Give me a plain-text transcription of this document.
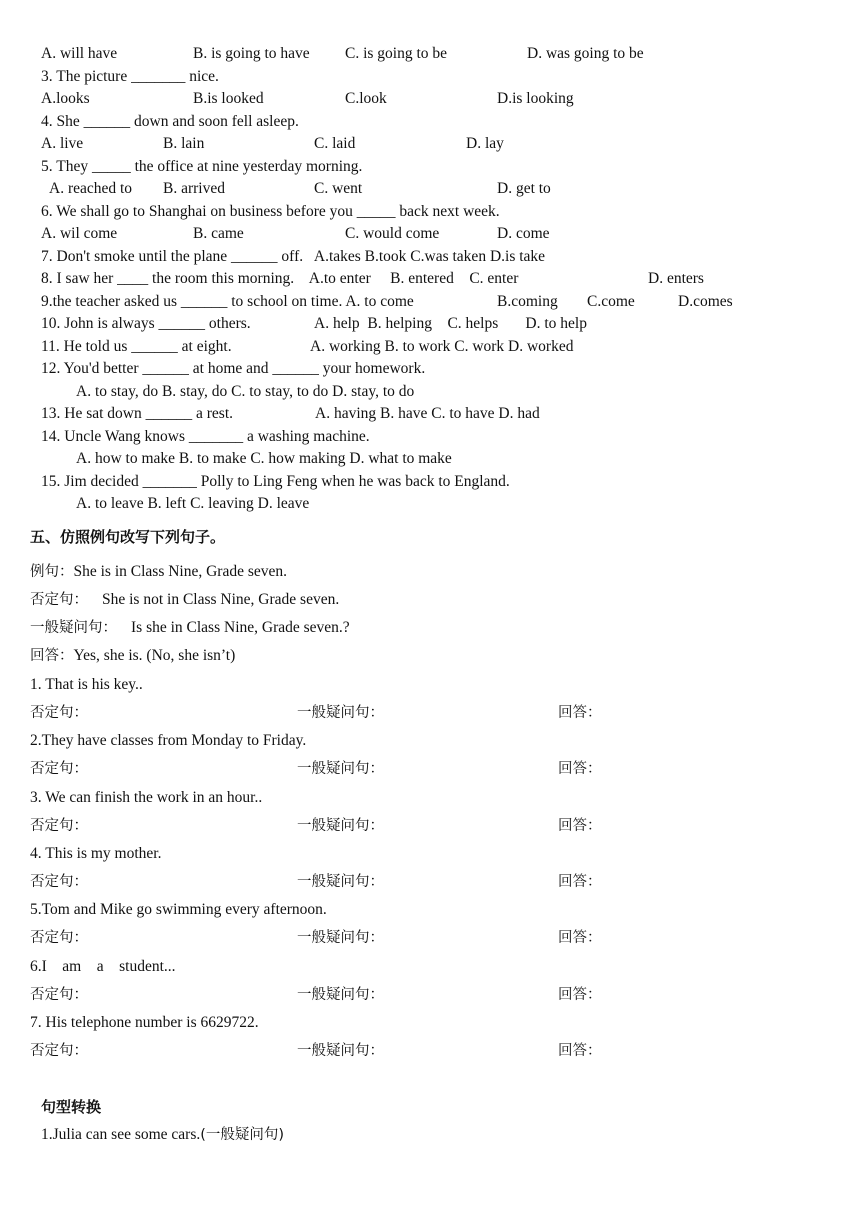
A. will have	B. is going to have C. is going to be	D. was going to be
3. The picture _______ nice.
A.looks	B.is looked	C.look	D.is looking
4. She ______ down and soon fell asleep.
A. live	B. lain	C. laid	D. lay
5. They _____ the office at nine yesterday morning.
A. reached to B. arrived	C. went	D. get to
6. We shall go to Shanghai on business before you _____ back next week.
A. wil come	B. came	C. would come	D. come
7. Don't smoke until the plane ______ off.   A.takes B.took C.was taken D.is take
8. I saw her ____ the room this morning.    A.to enter     B. entered    C. enter	D. enters
9.the teacher asked us ______ to school on time. A. to come	B.coming C.come	D.comes
10. John is always ______ others.	A. help  B. helping    C. helps       D. to help
11. He told us ______ at eight.	A. working B. to work C. work D. worked
12. You'd better ______ at home and ______ your homework.
A. to stay, do B. stay, do C. to stay, to do D. stay, to do
13. He sat down ______ a rest.	A. having B. have C. to have D. had
14. Uncle Wang knows _______ a washing machine.
A. how to make B. to make C. how making D. what to make
15. Jim decided _______ Polly to Ling Feng when he was back to England.
A. to leave B. left C. leaving D. leave
五、仿照例句改写下列句子。
例句：She is in Class Nine, Grade seven.
否定句： She is not in Class Nine, Grade seven.
一般疑问句： Is she in Class Nine, Grade seven.?
回答：Yes, she is. (No, she isn’t)
1. That is his key..
否定句：	一般疑问句：	回答：
2.They have classes from Monday to Friday.
否定句：	一般疑问句：	回答：
3. We can finish the work in an hour..
否定句：	一般疑问句：	回答：
4. This is my mother.
否定句：	一般疑问句：	回答：
5.Tom and Mike go swimming every afternoon.
否定句：	一般疑问句：	回答：
6.I    am    a    student...
否定句：	一般疑问句：	回答：
7. His telephone number is 6629722.
否定句：	一般疑问句：	回答：
句型转换
1.Julia can see some cars.(一般疑问句)
